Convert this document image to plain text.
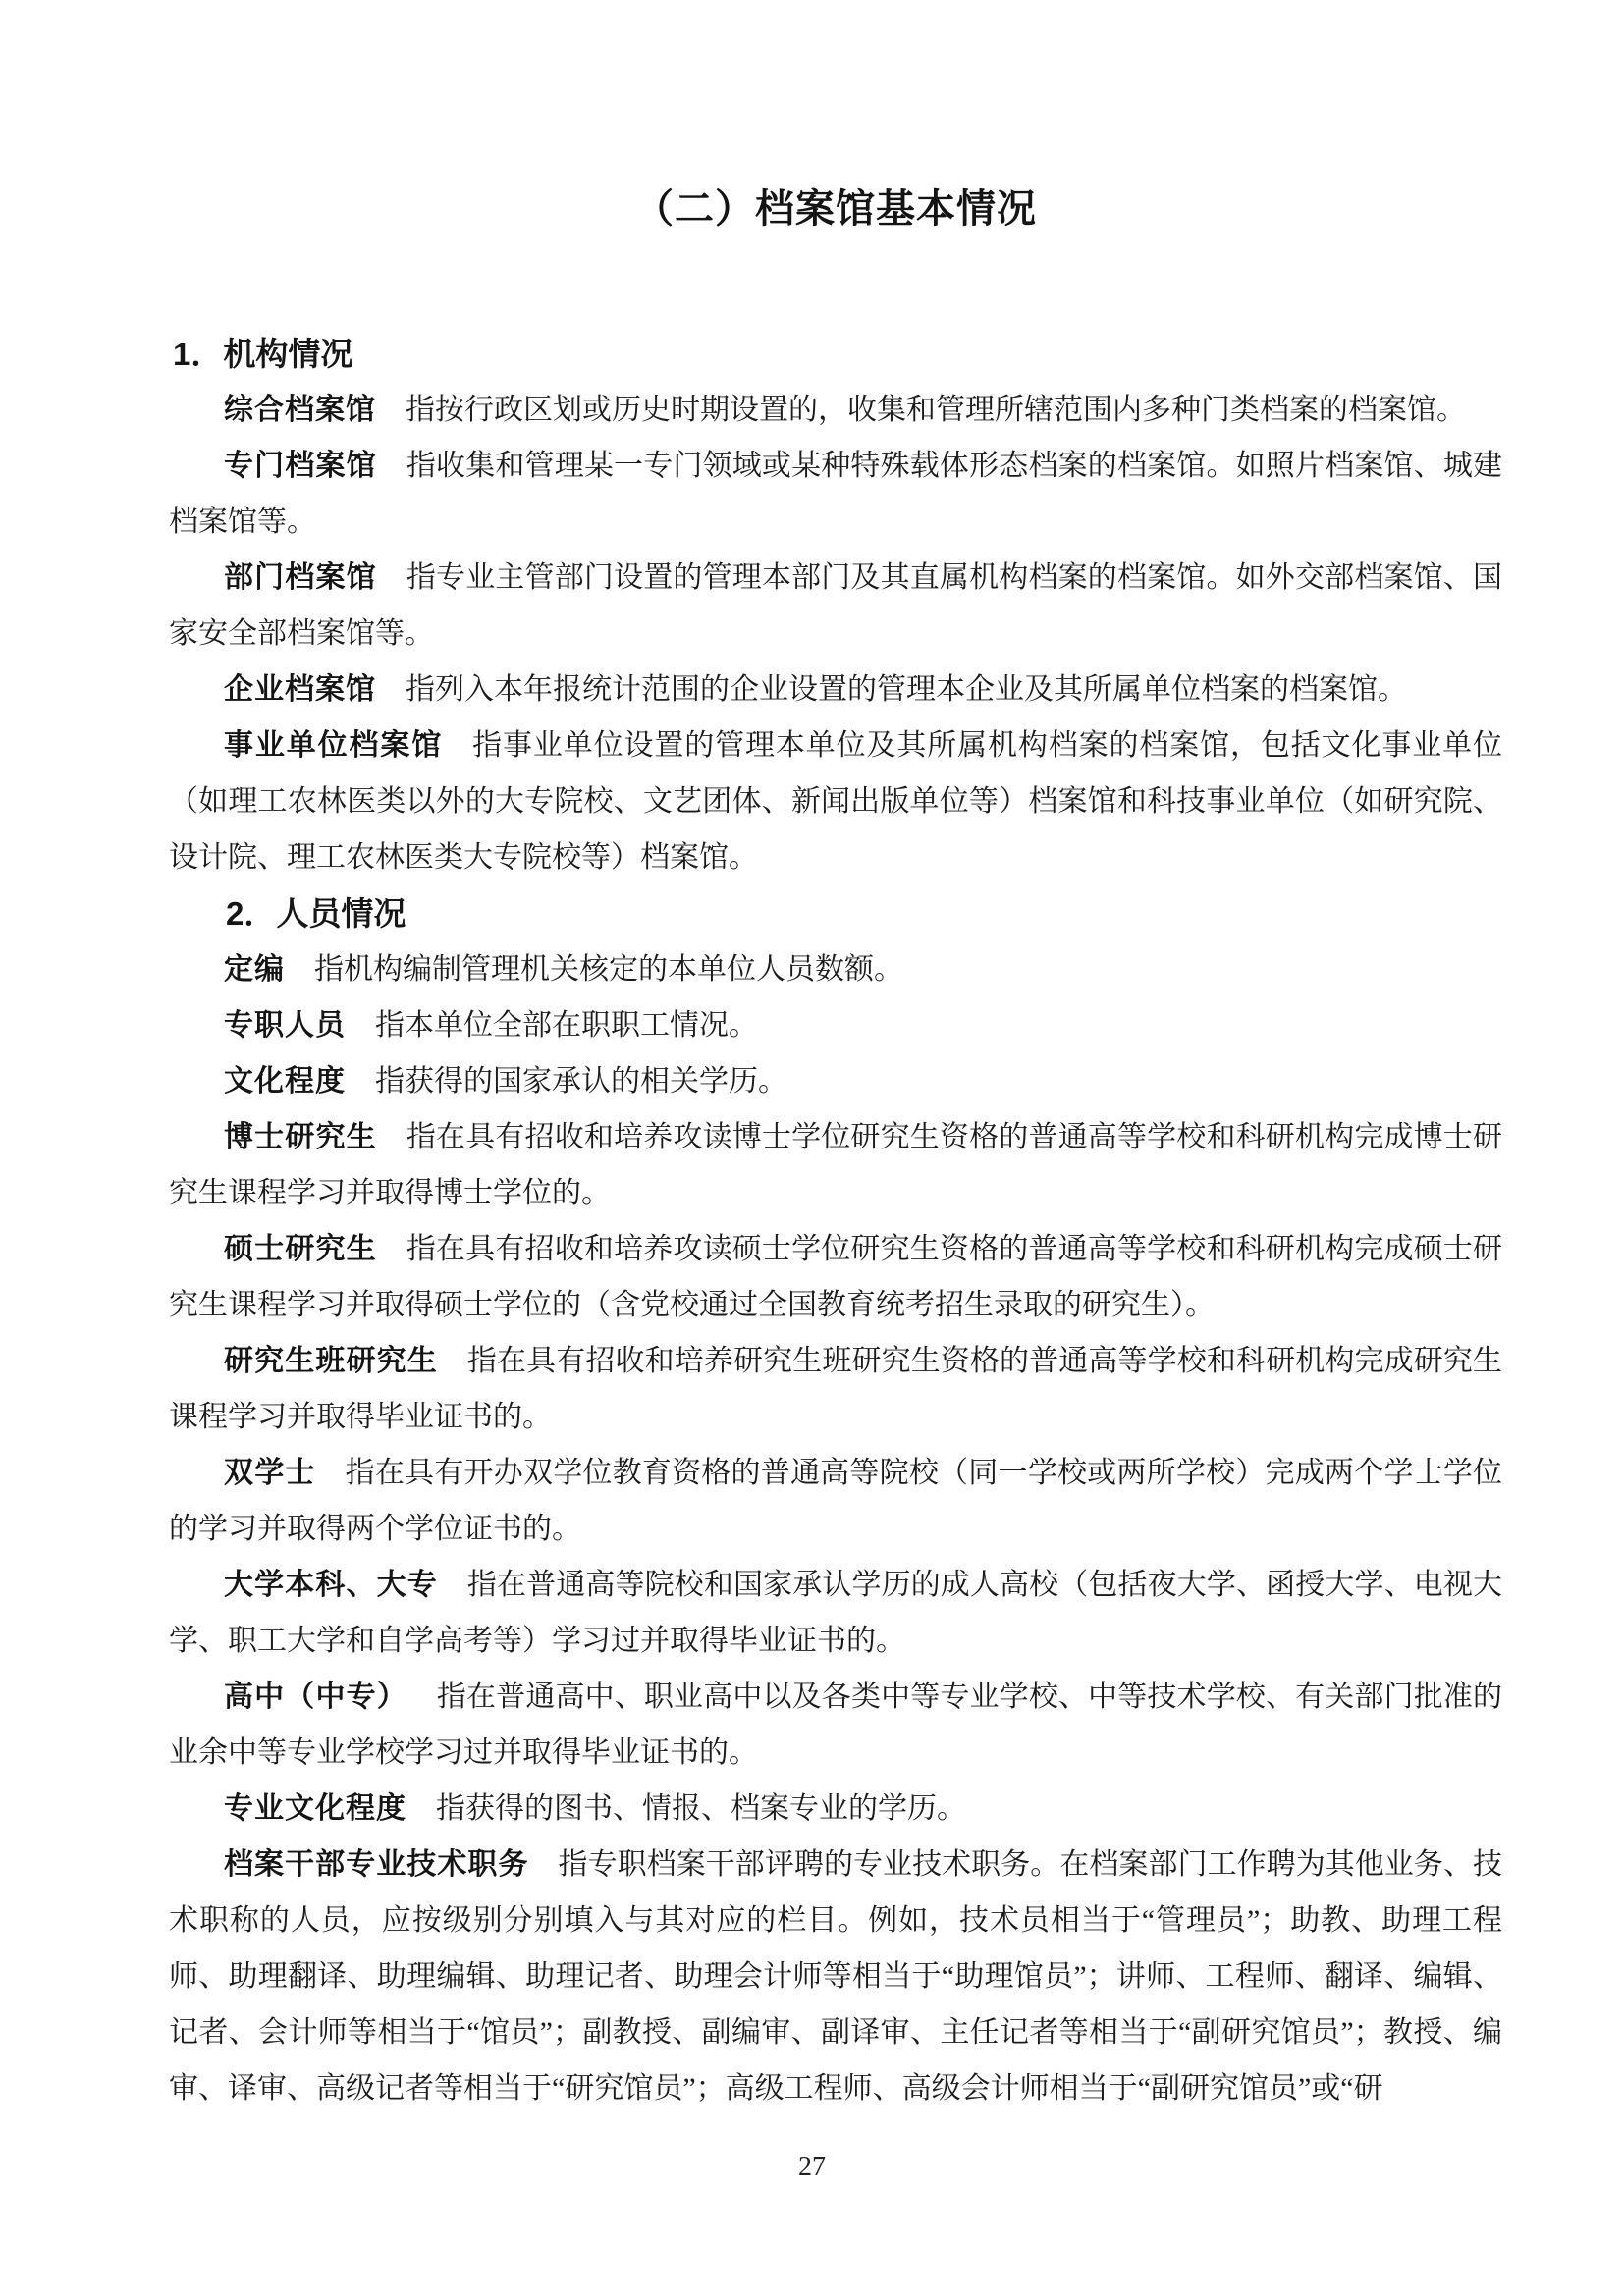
（二）档案馆基本情况
1．机构情况

综合档案馆 指按行政区划或历史时期设置的，收集和管理所辖范围内多种门类档案的档案馆。

专门档案馆 指收集和管理某一专门领域或某种特殊载体形态档案的档案馆。如照片档案馆、城建档案馆等。

部门档案馆 指专业主管部门设置的管理本部门及其直属机构档案的档案馆。如外交部档案馆、国家安全部档案馆等。

企业档案馆 指列入本年报统计范围的企业设置的管理本企业及其所属单位档案的档案馆。

事业单位档案馆 指事业单位设置的管理本单位及其所属机构档案的档案馆，包括文化事业单位（如理工农林医类以外的大专院校、文艺团体、新闻出版单位等）档案馆和科技事业单位（如研究院、设计院、理工农林医类大专院校等）档案馆。

2．人员情况

定编 指机构编制管理机关核定的本单位人员数额。

专职人员 指本单位全部在职职工情况。

文化程度 指获得的国家承认的相关学历。

博士研究生 指在具有招收和培养攻读博士学位研究生资格的普通高等学校和科研机构完成博士研究生课程学习并取得博士学位的。

硕士研究生 指在具有招收和培养攻读硕士学位研究生资格的普通高等学校和科研机构完成硕士研究生课程学习并取得硕士学位的（含党校通过全国教育统考招生录取的研究生）。

研究生班研究生 指在具有招收和培养研究生班研究生资格的普通高等学校和科研机构完成研究生课程学习并取得毕业证书的。

双学士 指在具有开办双学位教育资格的普通高等院校（同一学校或两所学校）完成两个学士学位的学习并取得两个学位证书的。

大学本科、大专 指在普通高等院校和国家承认学历的成人高校（包括夜大学、函授大学、电视大学、职工大学和自学高考等）学习过并取得毕业证书的。

高中（中专） 指在普通高中、职业高中以及各类中等专业学校、中等技术学校、有关部门批准的业余中等专业学校学习过并取得毕业证书的。

专业文化程度 指获得的图书、情报、档案专业的学历。

档案干部专业技术职务 指专职档案干部评聘的专业技术职务。在档案部门工作聘为其他业务、技术职称的人员，应按级别分别填入与其对应的栏目。例如，技术员相当于“管理员”；助教、助理工程师、助理翻译、助理编辑、助理记者、助理会计师等相当于“助理馆员”；讲师、工程师、翻译、编辑、记者、会计师等相当于“馆员”；副教授、副编审、副译审、主任记者等相当于“副研究馆员”；教授、编审、译审、高级记者等相当于“研究馆员”；高级工程师、高级会计师相当于“副研究馆员”或“研

27
